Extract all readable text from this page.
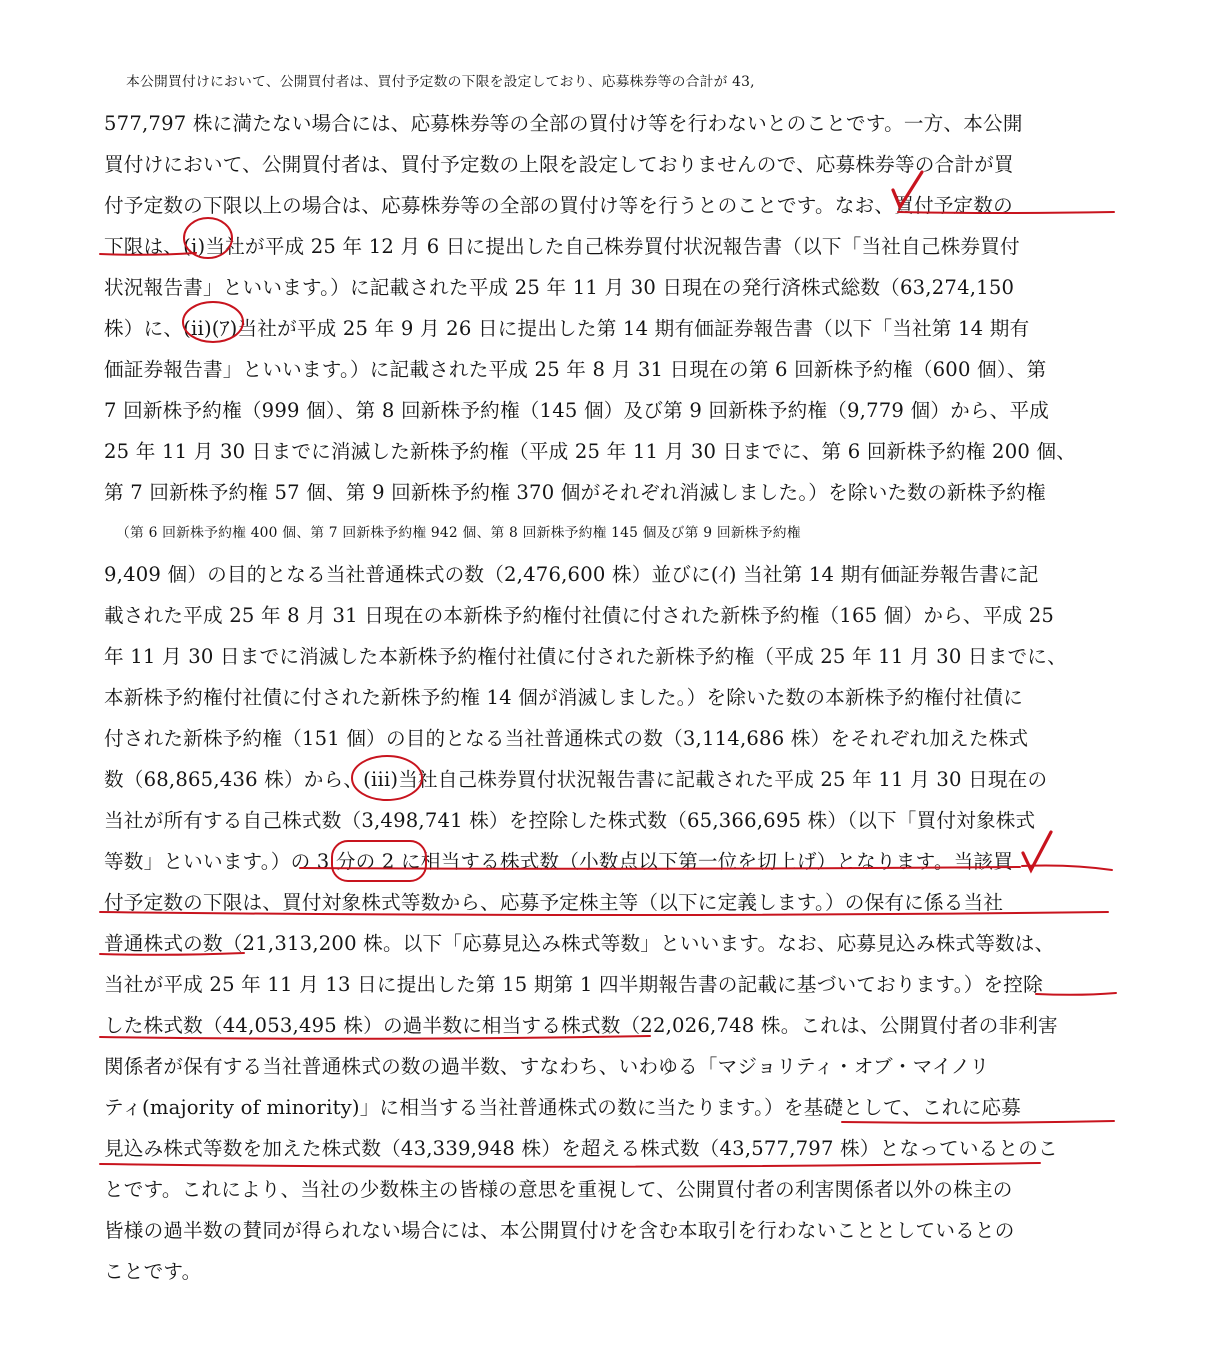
本公開買付けにおいて、公開買付者は、買付予定数の下限を設定しており、応募株券等の合計が 43,
577,797 株に満たない場合には、応募株券等の全部の買付け等を行わないとのことです。一方、本公開
買付けにおいて、公開買付者は、買付予定数の上限を設定しておりませんので、応募株券等の合計が買
付予定数の下限以上の場合は、応募株券等の全部の買付け等を行うとのことです。なお、買付予定数の
下限は、(i)当社が平成 25 年 12 月 6 日に提出した自己株券買付状況報告書（以下「当社自己株券買付
状況報告書」といいます。）に記載された平成 25 年 11 月 30 日現在の発行済株式総数（63,274,150
株）に、(ii)(ｱ)当社が平成 25 年 9 月 26 日に提出した第 14 期有価証券報告書（以下「当社第 14 期有
価証券報告書」といいます。）に記載された平成 25 年 8 月 31 日現在の第 6 回新株予約権（600 個）、第
7 回新株予約権（999 個）、第 8 回新株予約権（145 個）及び第 9 回新株予約権（9,779 個）から、平成
25 年 11 月 30 日までに消滅した新株予約権（平成 25 年 11 月 30 日までに、第 6 回新株予約権 200 個、
第 7 回新株予約権 57 個、第 9 回新株予約権 370 個がそれぞれ消滅しました。）を除いた数の新株予約権
（第 6 回新株予約権 400 個、第 7 回新株予約権 942 個、第 8 回新株予約権 145 個及び第 9 回新株予約権
9,409 個）の目的となる当社普通株式の数（2,476,600 株）並びに(ｲ) 当社第 14 期有価証券報告書に記
載された平成 25 年 8 月 31 日現在の本新株予約権付社債に付された新株予約権（165 個）から、平成 25
年 11 月 30 日までに消滅した本新株予約権付社債に付された新株予約権（平成 25 年 11 月 30 日までに、
本新株予約権付社債に付された新株予約権 14 個が消滅しました。）を除いた数の本新株予約権付社債に
付された新株予約権（151 個）の目的となる当社普通株式の数（3,114,686 株）をそれぞれ加えた株式
数（68,865,436 株）から、(iii)当社自己株券買付状況報告書に記載された平成 25 年 11 月 30 日現在の
当社が所有する自己株式数（3,498,741 株）を控除した株式数（65,366,695 株）（以下「買付対象株式
等数」といいます。）の 3 分の 2 に相当する株式数（小数点以下第一位を切上げ）となります。当該買
付予定数の下限は、買付対象株式等数から、応募予定株主等（以下に定義します。）の保有に係る当社
普通株式の数（21,313,200 株。以下「応募見込み株式等数」といいます。なお、応募見込み株式等数は、
当社が平成 25 年 11 月 13 日に提出した第 15 期第 1 四半期報告書の記載に基づいております。）を控除
した株式数（44,053,495 株）の過半数に相当する株式数（22,026,748 株。これは、公開買付者の非利害
関係者が保有する当社普通株式の数の過半数、すなわち、いわゆる「マジョリティ・オブ・マイノリ
ティ(majority of minority)」に相当する当社普通株式の数に当たります。）を基礎として、これに応募
見込み株式等数を加えた株式数（43,339,948 株）を超える株式数（43,577,797 株）となっているとのこ
とです。これにより、当社の少数株主の皆様の意思を重視して、公開買付者の利害関係者以外の株主の
皆様の過半数の賛同が得られない場合には、本公開買付けを含む本取引を行わないこととしているとの
ことです。
